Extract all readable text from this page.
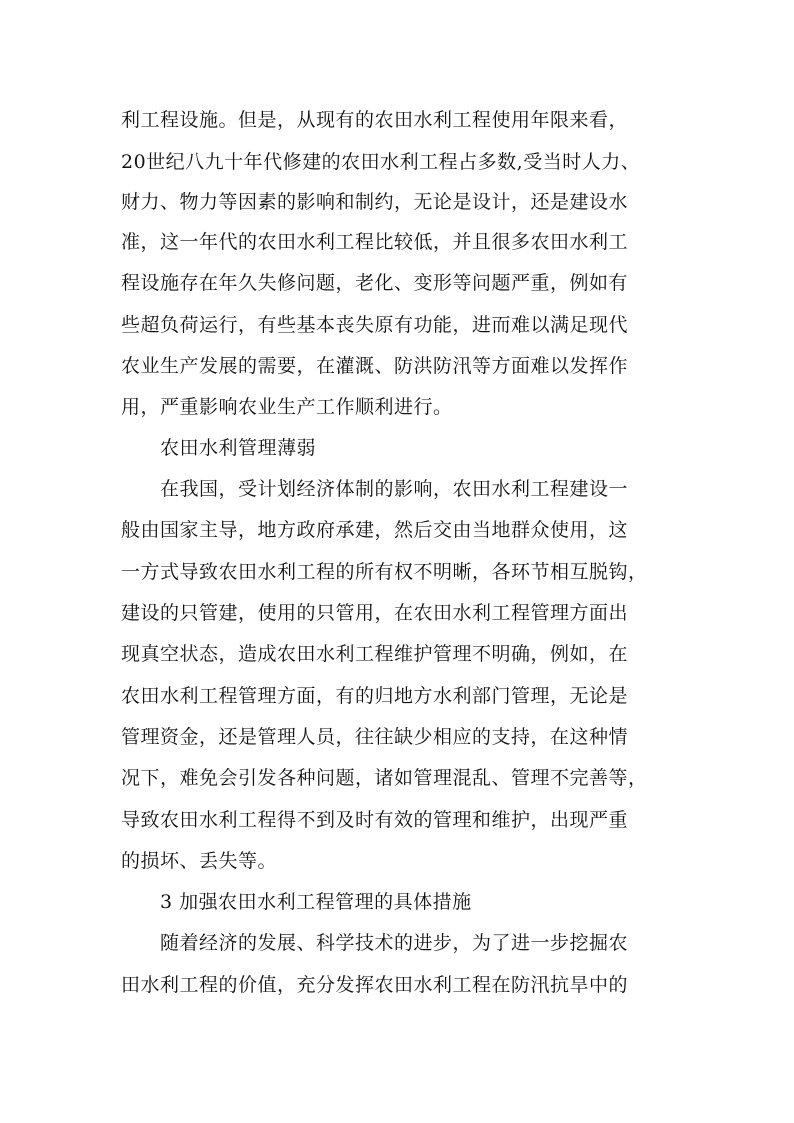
利工程设施。但是，从现有的农田水利工程使用年限来看，

20世纪八九十年代修建的农田水利工程占多数,受当时人力、

财力、物力等因素的影响和制约，无论是设计，还是建设水

准，这一年代的农田水利工程比较低，并且很多农田水利工

程设施存在年久失修问题，老化、变形等问题严重，例如有

些超负荷运行，有些基本丧失原有功能，进而难以满足现代

农业生产发展的需要，在灌溉、防洪防汛等方面难以发挥作

用，严重影响农业生产工作顺利进行。

农田水利管理薄弱

在我国，受计划经济体制的影响，农田水利工程建设一

般由国家主导，地方政府承建，然后交由当地群众使用，这

一方式导致农田水利工程的所有权不明晰，各环节相互脱钩，

建设的只管建，使用的只管用，在农田水利工程管理方面出

现真空状态，造成农田水利工程维护管理不明确，例如，在

农田水利工程管理方面，有的归地方水利部门管理，无论是

管理资金，还是管理人员，往往缺少相应的支持，在这种情

况下，难免会引发各种问题，诸如管理混乱、管理不完善等，

导致农田水利工程得不到及时有效的管理和维护，出现严重

的损坏、丢失等。

3 加强农田水利工程管理的具体措施

随着经济的发展、科学技术的进步，为了进一步挖掘农

田水利工程的价值，充分发挥农田水利工程在防汛抗旱中的
